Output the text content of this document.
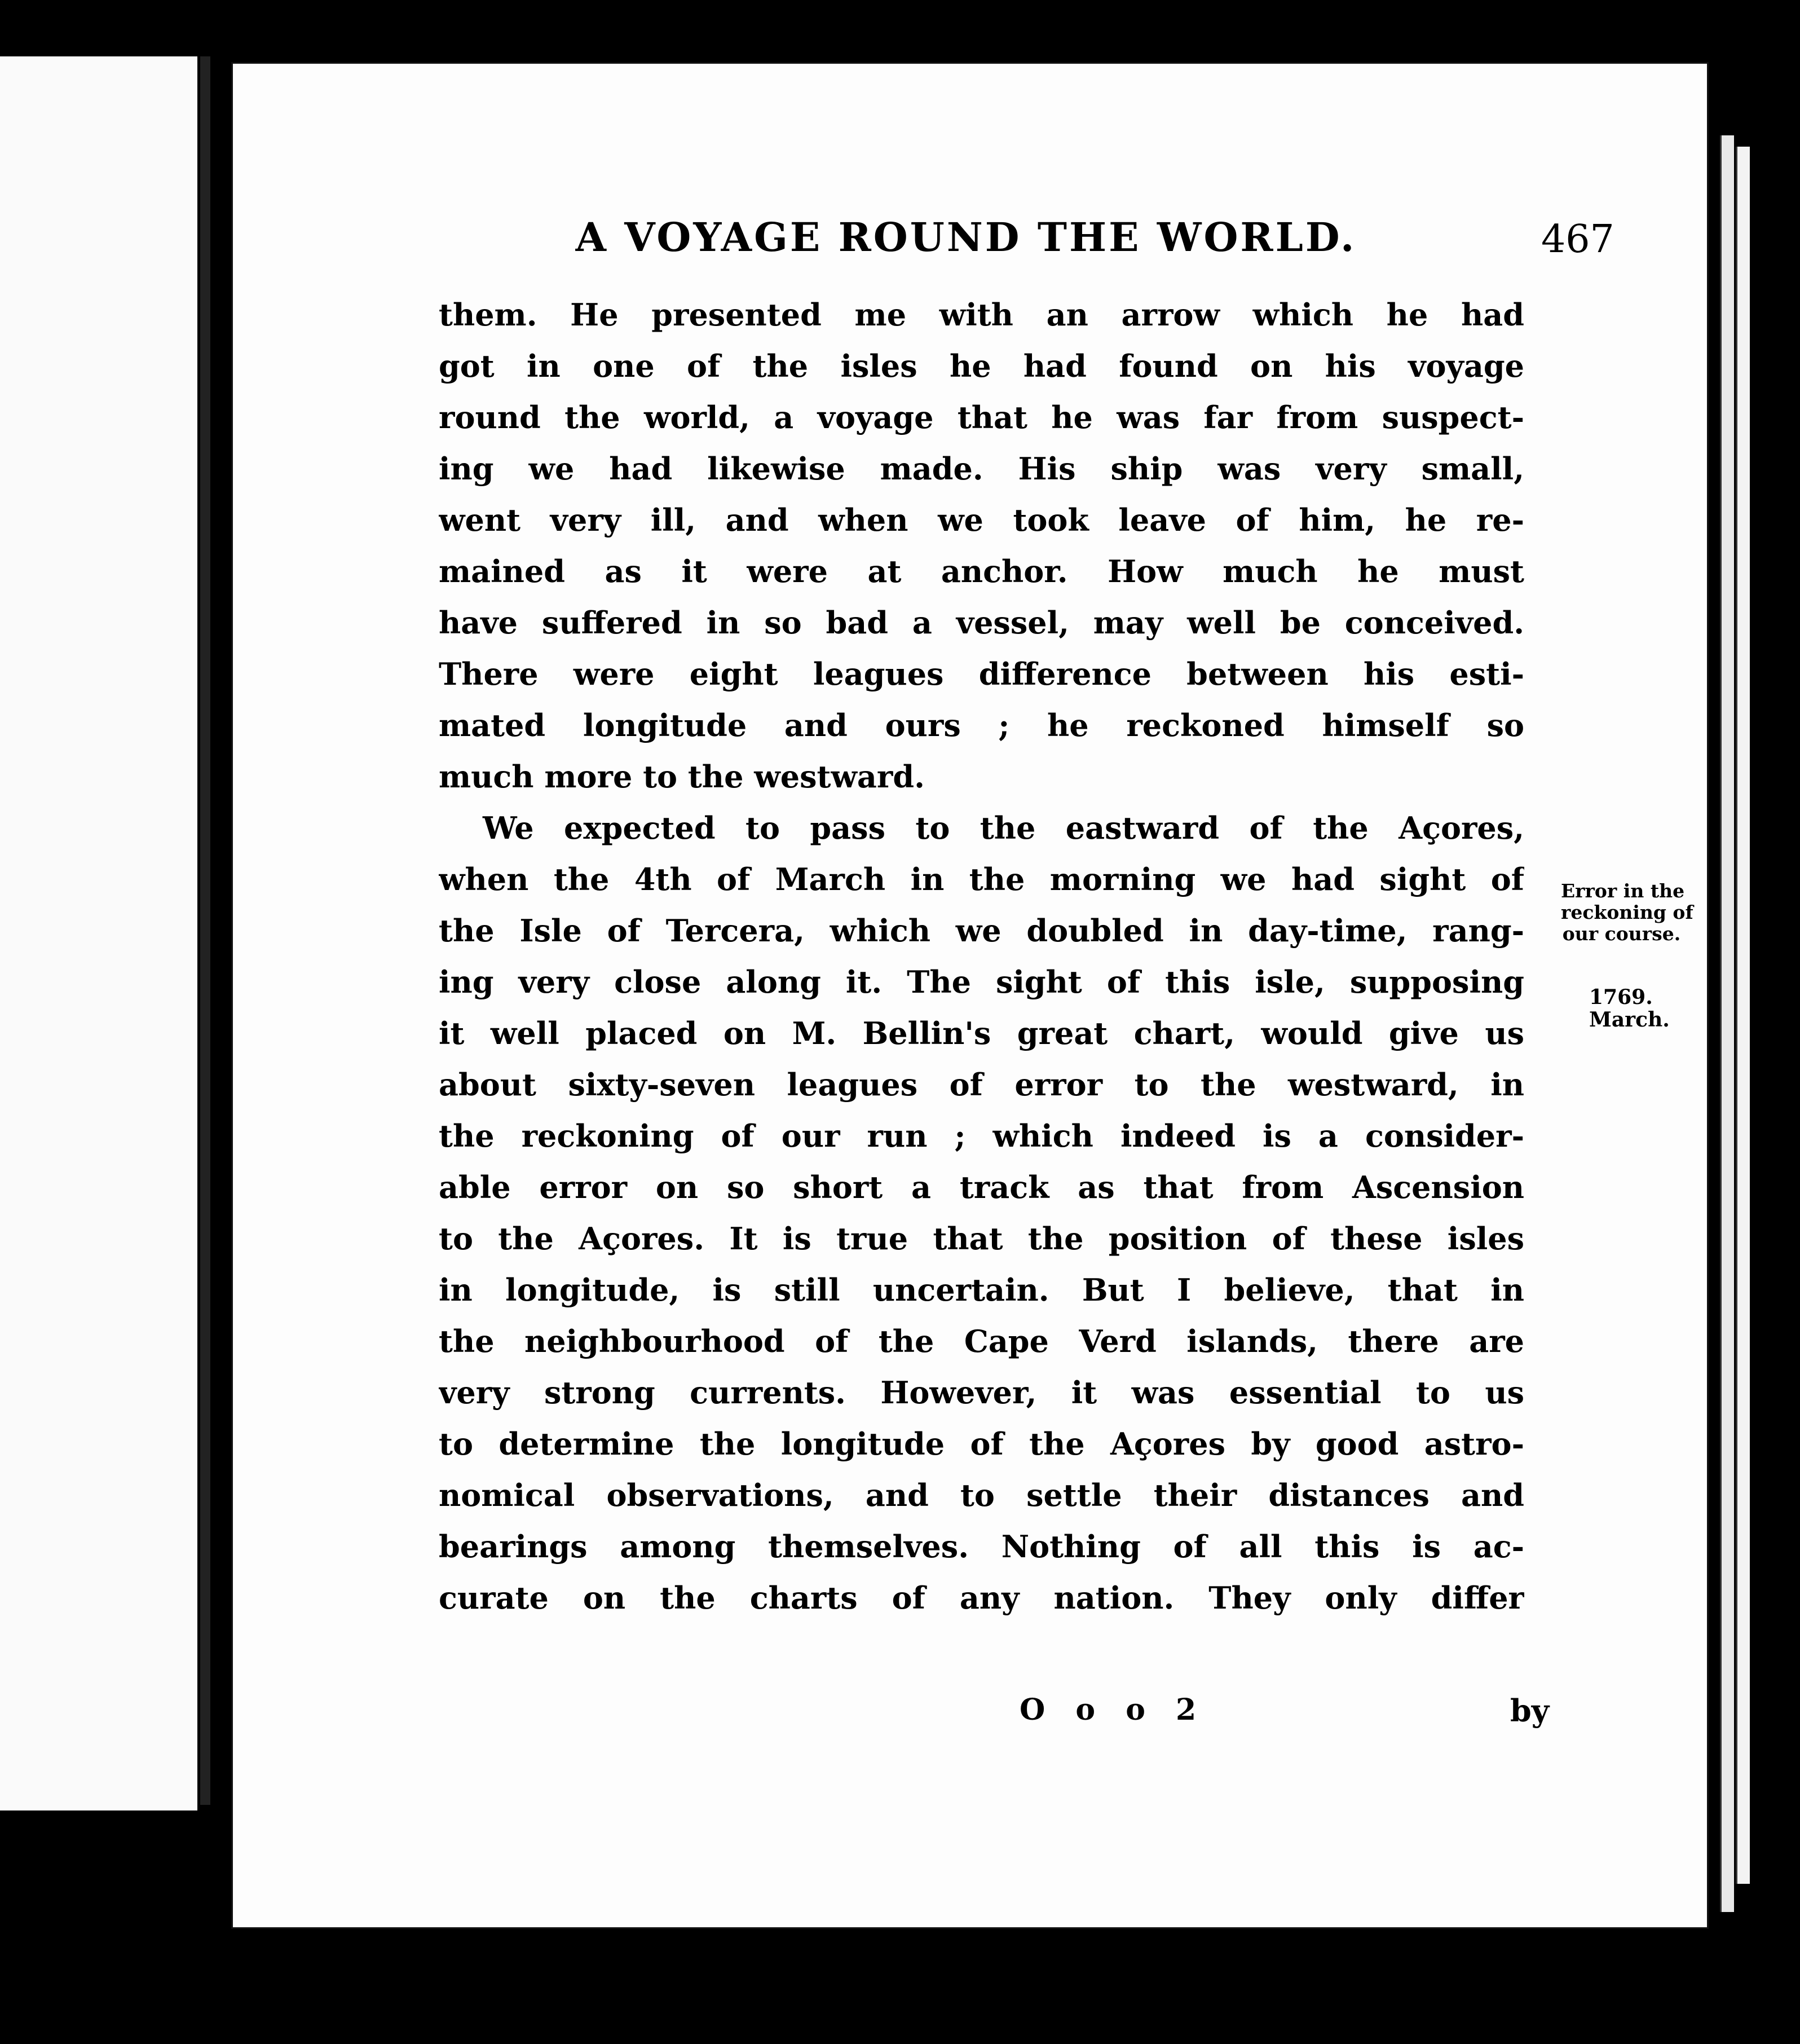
A VOYAGE ROUND THE WORLD.	467
them. He presented me with an arrow which he had
got in one of the isles he had found on his voyage
round the world, a voyage that he was far from suspect-
ing we had likewise made. His ship was very small,
went very ill, and when we took leave of him, he re-
mained as it were at anchor. How much he must
have suffered in so bad a vessel, may well be conceived.
There were eight leagues difference between his esti-
mated longitude and ours ; he reckoned himself so
much more to the westward.
We expected to pass to the eastward of the Açores,
when the 4th of March in the morning we had sight of
the Isle of Tercera, which we doubled in day-time, rang-
ing very close along it. The sight of this isle, supposing
it well placed on M. Bellin's great chart, would give us
about sixty-seven leagues of error to the westward, in
the reckoning of our run ; which indeed is a consider-
able error on so short a track as that from Ascension
to the Açores. It is true that the position of these isles
in longitude, is still uncertain. But I believe, that in
the neighbourhood of the Cape Verd islands, there are
very strong currents. However, it was essential to us
to determine the longitude of the Açores by good astro-
nomical observations, and to settle their distances and
bearings among themselves. Nothing of all this is ac-
curate on the charts of any nation. They only differ
Error in the
reckoning of
our course.
1769.
March.
O o o 2	by
